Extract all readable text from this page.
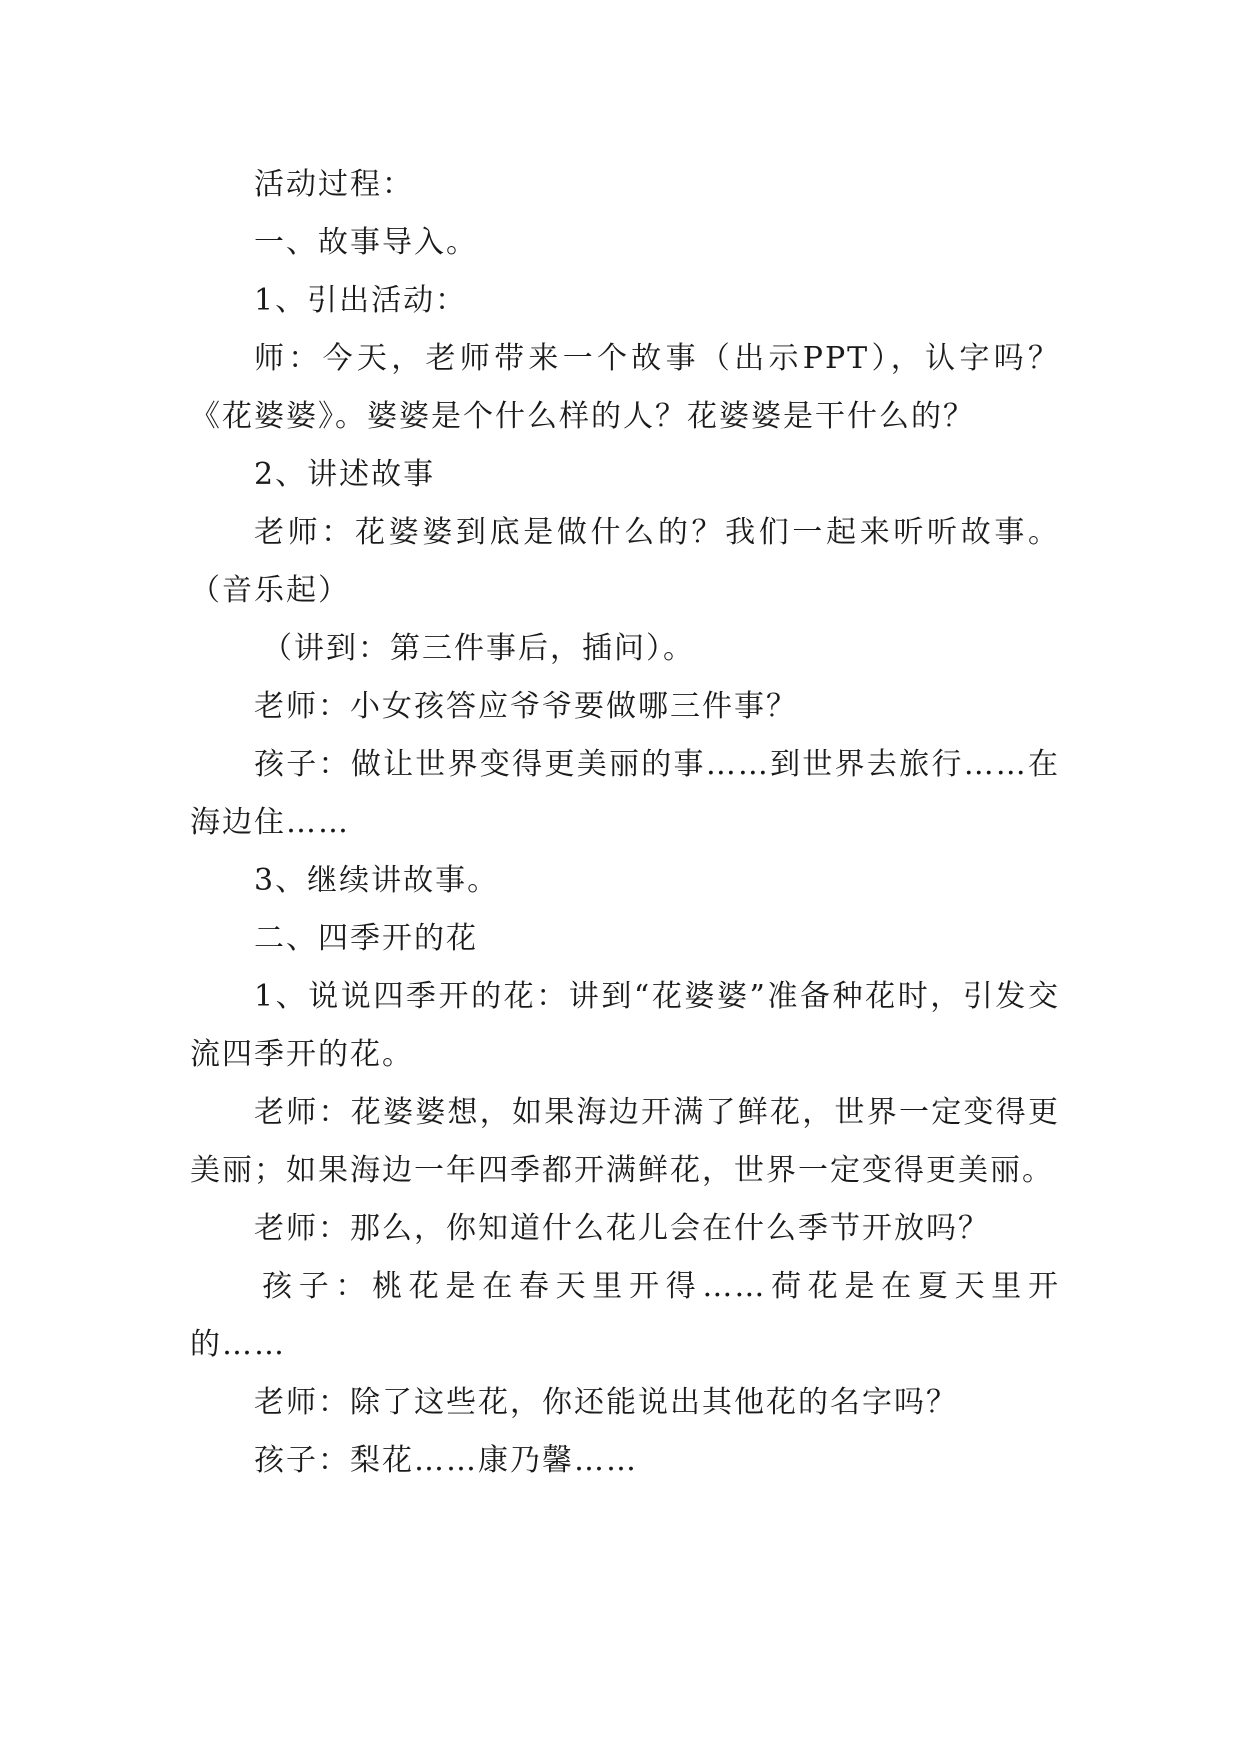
活动过程：

一、故事导入。

1、引出活动：

师：今天，老师带来一个故事（出示PPT），认字吗？《花婆婆》。婆婆是个什么样的人？花婆婆是干什么的？

2、讲述故事

老师：花婆婆到底是做什么的？我们一起来听听故事。（音乐起）

（讲到：第三件事后，插问）。

老师：小女孩答应爷爷要做哪三件事？

孩子：做让世界变得更美丽的事……到世界去旅行……在海边住……

3、继续讲故事。

二、四季开的花

1、说说四季开的花：讲到“花婆婆”准备种花时，引发交流四季开的花。

老师：花婆婆想，如果海边开满了鲜花，世界一定变得更美丽；如果海边一年四季都开满鲜花，世界一定变得更美丽。

老师：那么，你知道什么花儿会在什么季节开放吗？

孩子：桃花是在春天里开得……荷花是在夏天里开的……

老师：除了这些花，你还能说出其他花的名字吗？

孩子：梨花……康乃馨……
